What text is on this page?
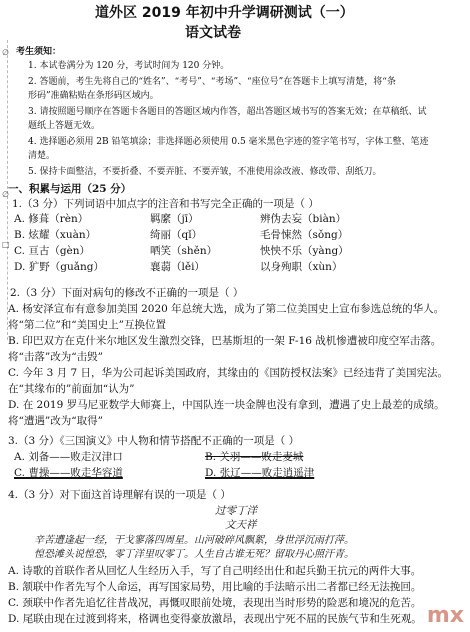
∅
∅
□
道外区 2019 年初中升学调研测试（一）
语文试卷
考生须知：
1. 本试卷满分为 120 分，考试时间为 120 分钟。
2. 答题前，考生先将自己的“姓名”、“考号”、“考场”、“座位号”在答题卡上填写清楚，将“条
形码”准确粘贴在条形码区域内。
3. 请按照题号顺序在答题卡各题目的答题区域内作答，超出答题区域书写的答案无效；在草稿纸、试
题纸上答题无效。
4. 选择题必须用 2B 铅笔填涂；非选择题必须使用 0.5 毫米黑色字迹的签字笔书写，字体工整、笔迹
清楚。
5. 保持卡面整洁，不要折叠、不要弄脏、不要弄皱，不准使用涂改液、修改带、刮纸刀。
一、积累与运用（25 分）
1.（3 分）下列词语中加点字的注音和书写完全正确的一项是（ ）
A. 修葺（rèn）	羁縻（jī）	辨伪去妄（biàn）
B. 炫耀（xuàn）	绮丽（qǐ）	毛骨悚然（sǒng）
C. 亘古（gèn）	哂笑（shěn）	怏怏不乐（yàng）
D. 犷野（guǎng）	襄蒻（lěi）	以身殉职（xùn）
2.（3 分）下面对病句的修改不正确的一项是（ ）
A. 杨安泽宣布有意参加美国 2020 年总统大选，成为了第二位美国史上宣布参选总统的华人。
将“第二位”和“美国史上”互换位置
B. 印巴双方在克什米尔地区发生激烈交锋，巴基斯坦的一架 F-16 战机惨遭被印度空军击落。
将“击落”改为“击毁”
C. 今年 3 月 7 日，华为公司起诉美国政府，其缘由的《国防授权法案》已经违背了美国宪法。
在“其缘布的”前面加“认为”
D. 在 2019 罗马尼亚数学大师赛上，中国队连一块金牌也没有拿到，遭遇了史上最差的成绩。
将“遭遇”改为“取得”
3.（3 分）《三国演义》中人物和情节搭配不正确的一项是（ ）
A. 刘备——败走汉津口	B. 关羽——败走麦城
C. 曹操——败走华容道	D. 张辽——败走逍遥津
4.（3 分）对下面这首诗理解有误的一项是（ ）
过零丁洋
文天祥
辛苦遭逢起一经，干戈寥落四周星。山河破碎风飘絮，身世浮沉雨打萍。
惶恐滩头说惶恐，零丁洋里叹零丁。人生自古谁无死？留取丹心照汗青。
A. 诗歌的首联作者从回忆人生经历入手，写了自己明经出仕和起兵勤王抗元的两件大事。
B. 颔联中作者先写个人命运，再写国家局势，用比喻的手法暗示出二者都已经无法挽回。
C. 颈联中作者先追忆往昔战况，再慨叹眼前处境，表现出当时形势的险恶和境况的危苦。
D. 尾联由现在过渡到将来，格调也变得豪放激昂，表现出宁死不屈的民族气节和生死观。 mx
